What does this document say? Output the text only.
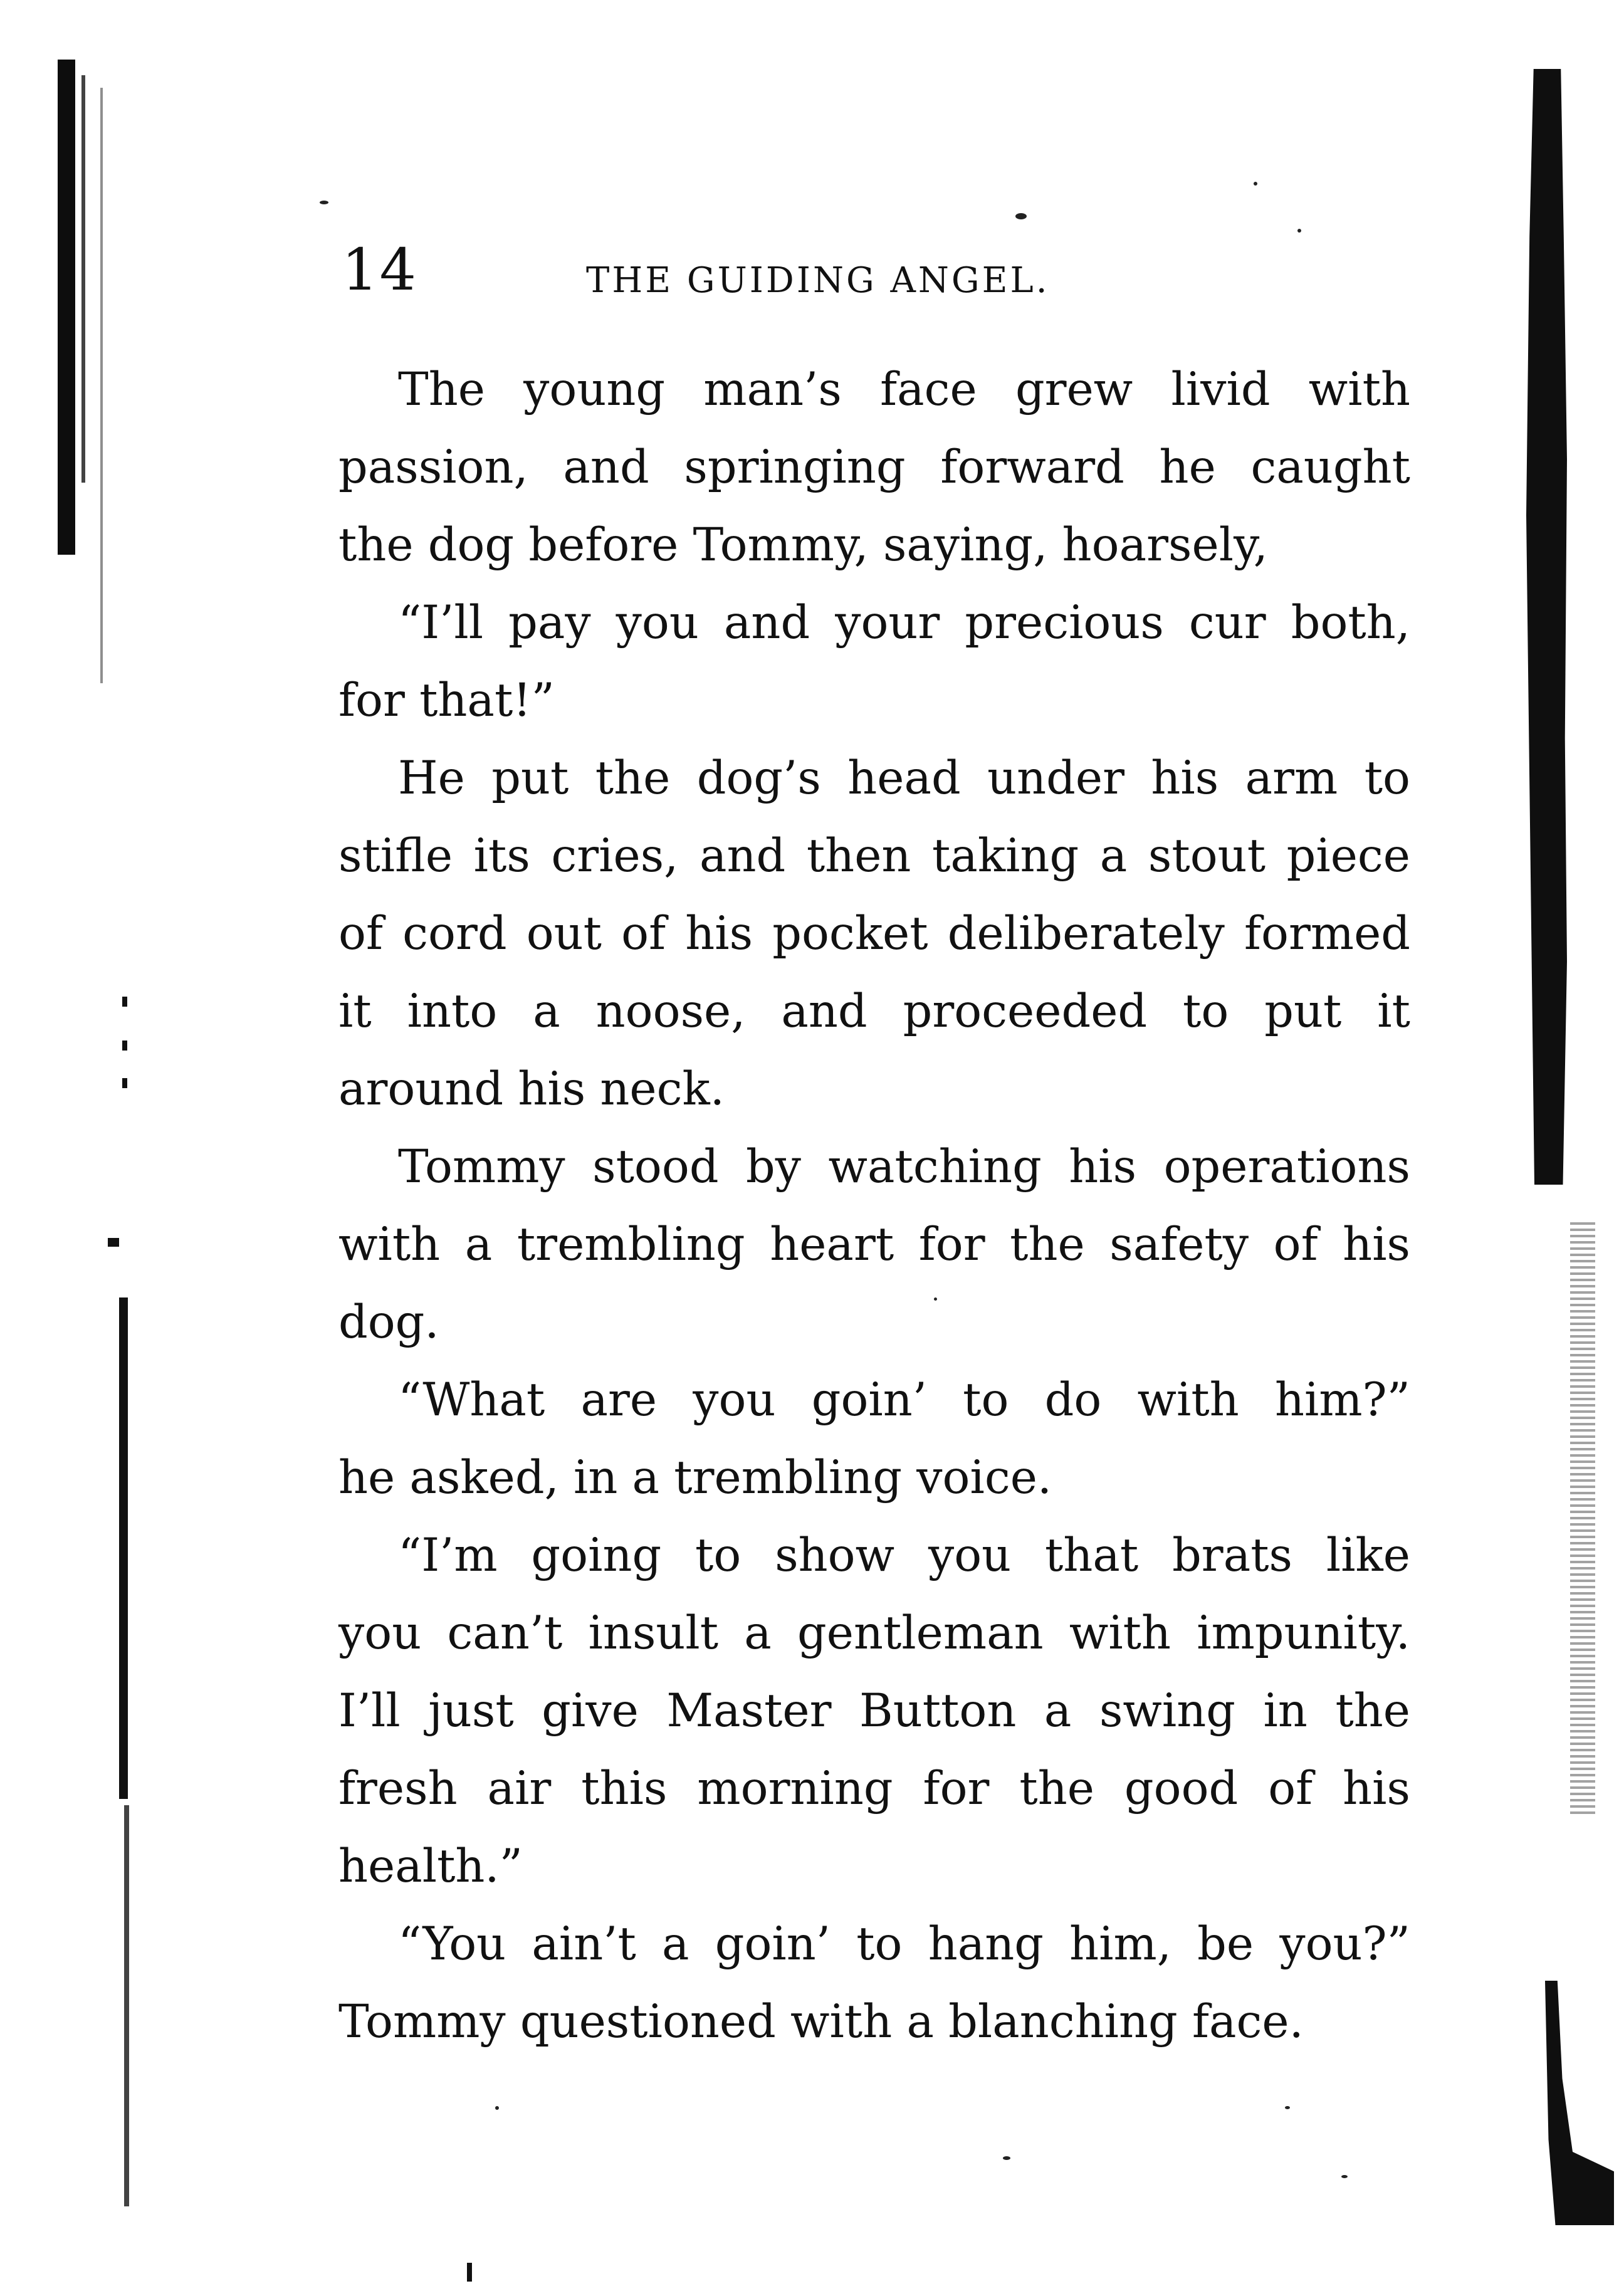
14	THE GUIDING ANGEL.
The young man’s face grew livid with
passion, and springing forward he caught
the dog before Tommy, saying, hoarsely,
“I’ll pay you and your precious cur both,
for that!”
He put the dog’s head under his arm to
stifle its cries, and then taking a stout piece
of cord out of his pocket deliberately formed
it into a noose, and proceeded to put it
around his neck.
Tommy stood by watching his operations
with a trembling heart for the safety of his
dog.
“What are you goin’ to do with him?”
he asked, in a trembling voice.
“I’m going to show you that brats like
you can’t insult a gentleman with impunity.
I’ll just give Master Button a swing in the
fresh air this morning for the good of his
health.”
“You ain’t a goin’ to hang him, be you?”
Tommy questioned with a blanching face.
